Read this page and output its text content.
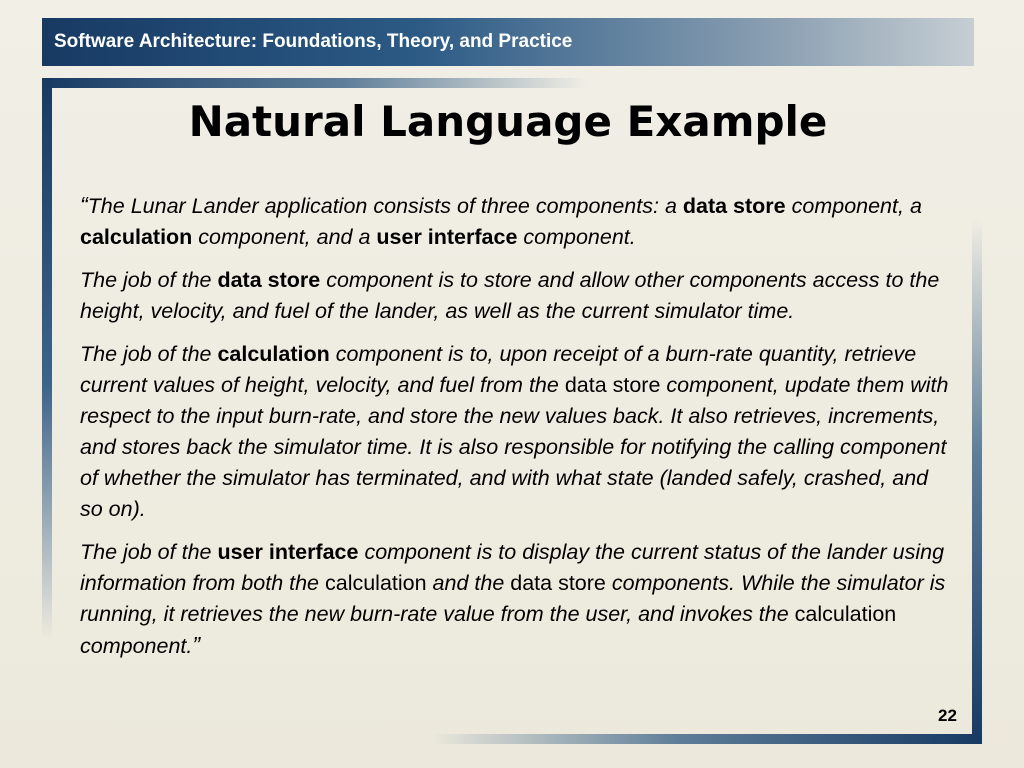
Software Architecture: Foundations, Theory, and Practice
Natural Language Example

“The Lunar Lander application consists of three components: a data store component, a calculation component, and a user interface component.

The job of the data store component is to store and allow other components access to the height, velocity, and fuel of the lander, as well as the current simulator time.

The job of the calculation component is to, upon receipt of a burn-rate quantity, retrieve current values of height, velocity, and fuel from the data store component, update them with respect to the input burn-rate, and store the new values back. It also retrieves, increments, and stores back the simulator time. It is also responsible for notifying the calling component of whether the simulator has terminated, and with what state (landed safely, crashed, and so on).

The job of the user interface component is to display the current status of the lander using information from both the calculation and the data store components. While the simulator is running, it retrieves the new burn-rate value from the user, and invokes the calculation component.”

22
